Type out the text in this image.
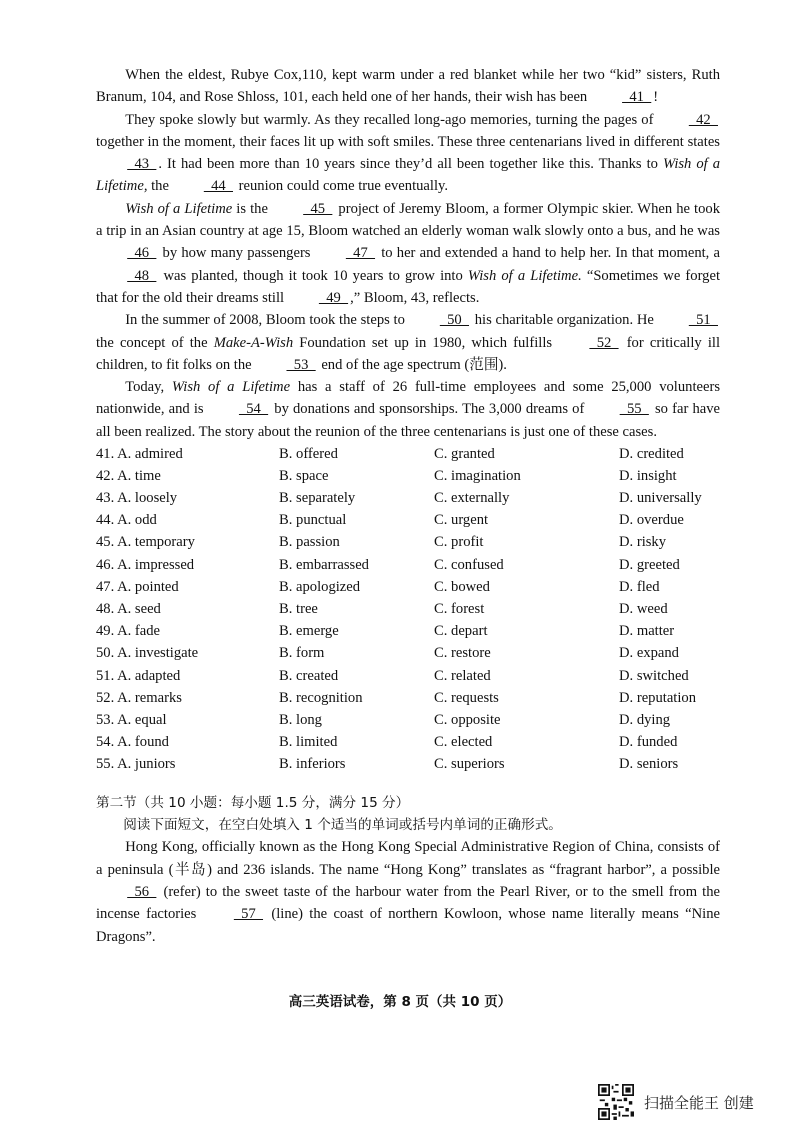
When the eldest, Rubye Cox,110, kept warm under a red blanket while her two “kid” sisters, Ruth Branum, 104, and Rose Shloss, 101, each held one of her hands, their wish has been   41  !

They spoke slowly but warmly. As they recalled long-ago memories, turning the pages of   42   together in the moment, their faces lit up with soft smiles. These three centenarians lived in different states   43  . It had been more than 10 years since they’d all been together like this. Thanks to Wish of a Lifetime, the   44   reunion could come true eventually.

Wish of a Lifetime is the   45   project of Jeremy Bloom, a former Olympic skier. When he took a trip in an Asian country at age 15, Bloom watched an elderly woman walk slowly onto a bus, and he was   46   by how many passengers   47   to her and extended a hand to help her. In that moment, a   48   was planted, though it took 10 years to grow into Wish of a Lifetime. “Sometimes we forget that for the old their dreams still   49  ,” Bloom, 43, reflects.

In the summer of 2008, Bloom took the steps to   50   his charitable organization. He   51   the concept of the Make-A-Wish Foundation set up in 1980, which fulfills   52   for critically ill children, to fit folks on the   53   end of the age spectrum (范围).

Today, Wish of a Lifetime has a staff of 26 full-time employees and some 25,000 volunteers nationwide, and is   54   by donations and sponsorships. The 3,000 dreams of   55   so far have all been realized. The story about the reunion of the three centenarians is just one of these cases.

41. A. admired	B. offered	C. granted	D. credited
42. A. time	B. space	C. imagination	D. insight
43. A. loosely	B. separately	C. externally	D. universally
44. A. odd	B. punctual	C. urgent	D. overdue
45. A. temporary	B. passion	C. profit	D. risky
46. A. impressed	B. embarrassed	C. confused	D. greeted
47. A. pointed	B. apologized	C. bowed	D. fled
48. A. seed	B. tree	C. forest	D. weed
49. A. fade	B. emerge	C. depart	D. matter
50. A. investigate	B. form	C. restore	D. expand
51. A. adapted	B. created	C. related	D. switched
52. A. remarks	B. recognition	C. requests	D. reputation
53. A. equal	B. long	C. opposite	D. dying
54. A. found	B. limited	C. elected	D. funded
55. A. juniors	B. inferiors	C. superiors	D. seniors
第二节（共 10 小题：每小题 1.5 分，满分 15 分）
阅读下面短文，在空白处填入 1 个适当的单词或括号内单词的正确形式。

Hong Kong, officially known as the Hong Kong Special Administrative Region of China, consists of a peninsula (半岛) and 236 islands. The name “Hong Kong” translates as “fragrant harbor”, a possible   56   (refer) to the sweet taste of the harbour water from the Pearl River, or to the smell from the incense factories   57   (line) the coast of northern Kowloon, whose name literally means “Nine Dragons”.

高三英语试卷，第 8 页（共 10 页）
扫描全能王 创建
